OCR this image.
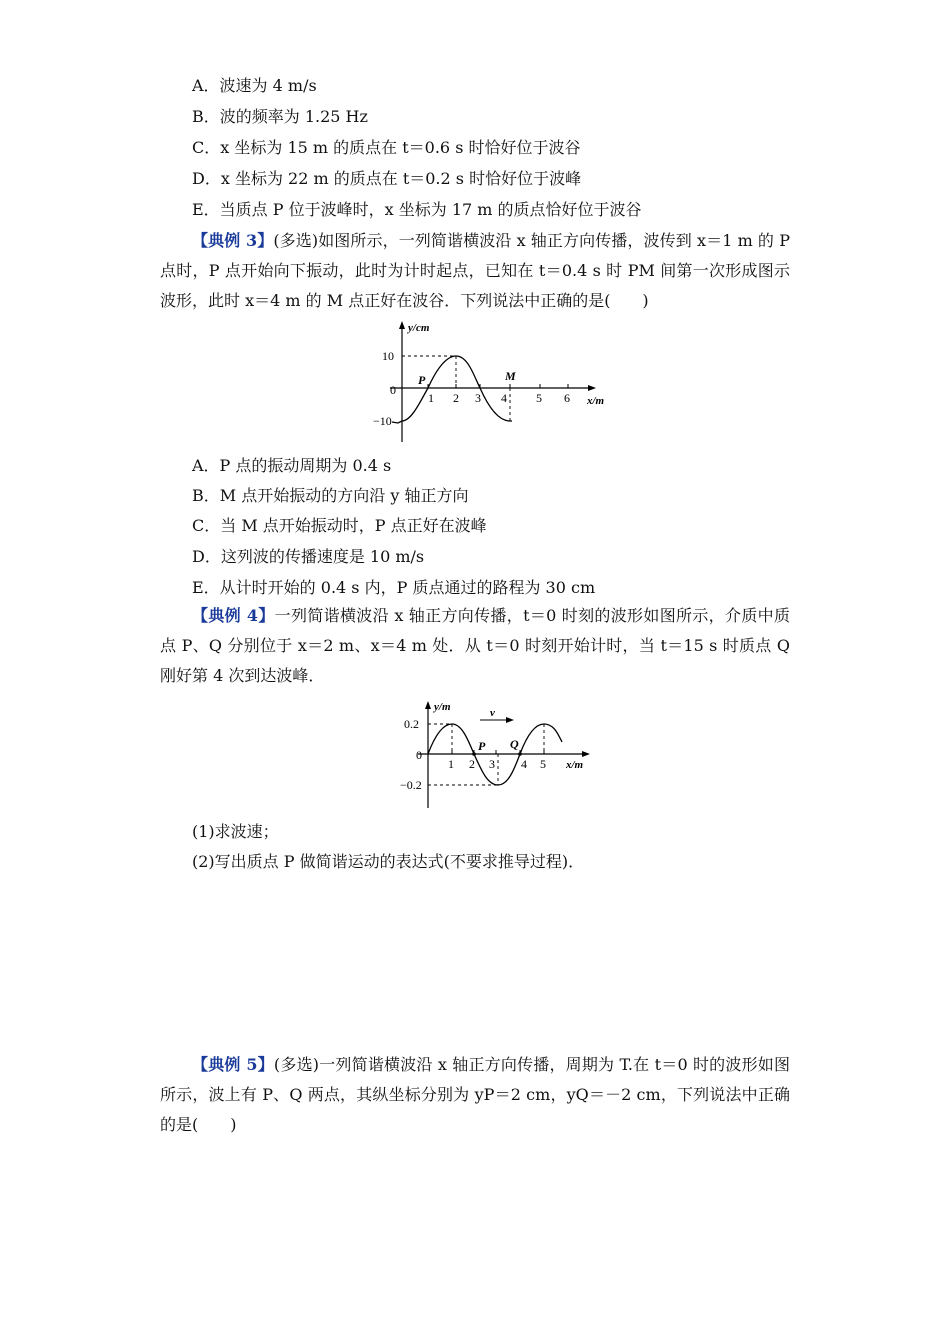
A．波速为 4 m/s
B．波的频率为 1.25 Hz
C．x 坐标为 15 m 的质点在 t＝0.6 s 时恰好位于波谷
D．x 坐标为 22 m 的质点在 t＝0.2 s 时恰好位于波峰
E．当质点 P 位于波峰时，x 坐标为 17 m 的质点恰好位于波谷
【典例 3】(多选)如图所示，一列简谐横波沿 x 轴正方向传播，波传到 x＝1 m 的 P 点时，P 点开始向下振动，此时为计时起点，已知在 t＝0.4 s 时 PM 间第一次形成图示波形，此时 x＝4 m 的 M 点正好在波谷．下列说法中正确的是(　　)
y/cm
x/m
10
0
−10
1 2 3 4 5 6
P	M
A．P 点的振动周期为 0.4 s
B．M 点开始振动的方向沿 y 轴正方向
C．当 M 点开始振动时，P 点正好在波峰
D．这列波的传播速度是 10 m/s
E．从计时开始的 0.4 s 内，P 质点通过的路程为 30 cm
【典例 4】一列简谐横波沿 x 轴正方向传播，t＝0 时刻的波形如图所示，介质中质点 P、Q 分别位于 x＝2 m、x＝4 m 处．从 t＝0 时刻开始计时，当 t＝15 s 时质点 Q 刚好第 4 次到达波峰．
y/m
x/m
v
0.2
0
−0.2
1 2 3 4 5
P Q
(1)求波速；
(2)写出质点 P 做简谐运动的表达式(不要求推导过程)．
【典例 5】(多选)一列简谐横波沿 x 轴正方向传播，周期为 T.在 t＝0 时的波形如图所示，波上有 P、Q 两点，其纵坐标分别为 yP＝2 cm，yQ＝－2 cm，下列说法中正确的是(　　)
